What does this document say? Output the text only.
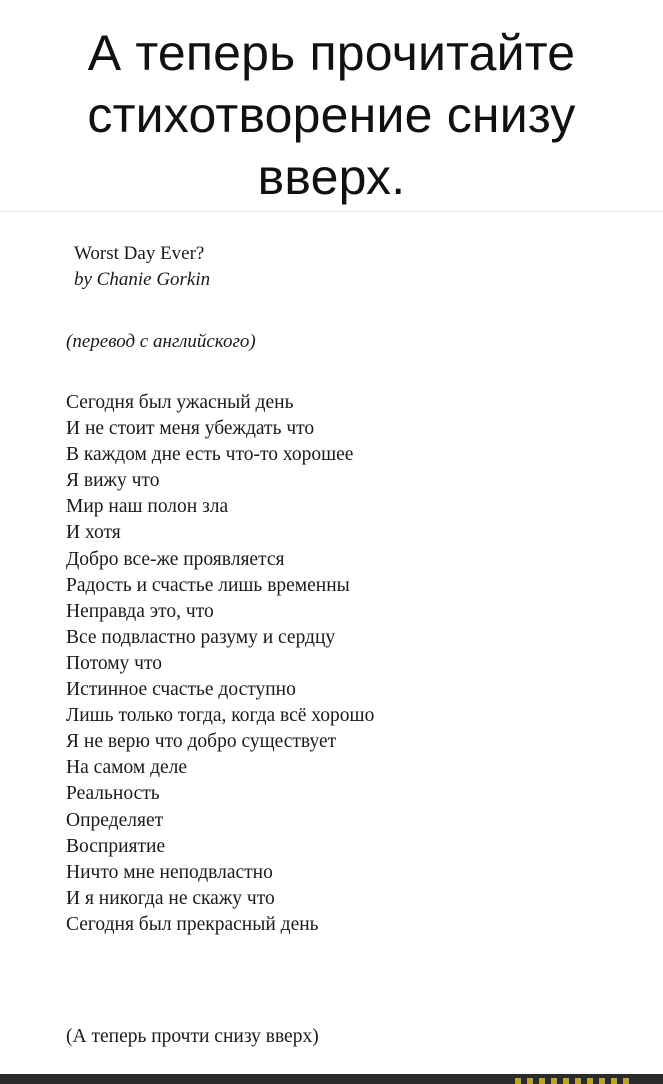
А теперь прочитайте
стихотворение снизу
вверх.
Worst Day Ever?
by Chanie Gorkin
(перевод с английского)
Сегодня был ужасный день
И не стоит меня убеждать что
В каждом дне есть что-то хорошее
Я вижу что
Мир наш полон зла
И хотя
Добро все-же проявляется
Радость и счастье лишь временны
Неправда это, что
Все подвластно разуму и сердцу
Потому что
Истинное счастье доступно
Лишь только тогда, когда всё хорошо
Я не верю что добро существует
На самом деле
Реальность
Определяет
Восприятие
Ничто мне неподвластно
И я никогда не скажу что
Сегодня был прекрасный день
(А теперь прочти снизу вверх)
